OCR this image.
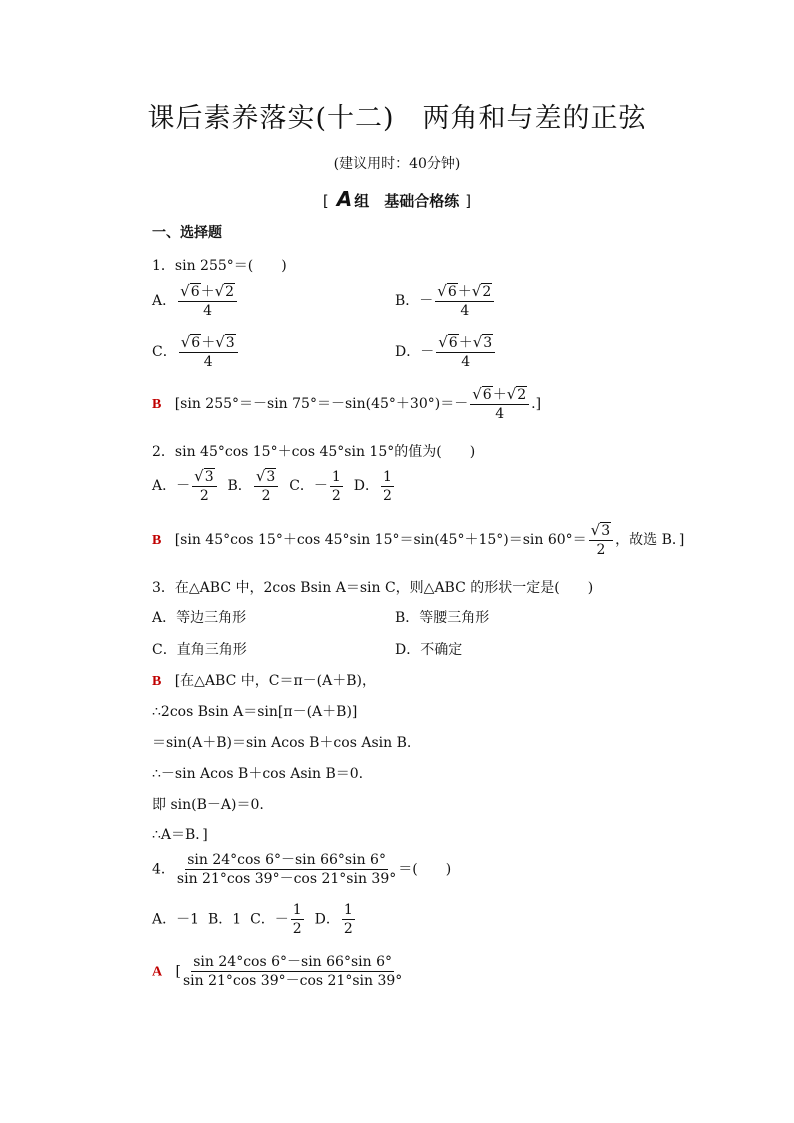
课后素养落实(十二)　两角和与差的正弦
(建议用时：40分钟)
[ A 组　基础合格练 ]
一、选择题
1．sin 255°＝(　　)
A． $\frac{√6+√2}{4}$	B．－ $\frac{√6+√2}{4}$
C． $\frac{√6+√3}{4}$	D．－ $\frac{√6+√3}{4}$
B [sin 255°＝－sin $75^\circ=-\sin(45^\circ+30^\circ)=- \frac{√6+√2}{4}$ .]
2．sin 45°cos 15°＋cos 45°sin 15°的值为(　　)
A．－ $\frac{√3}{2}$ B． $\frac{√3}{2}$ C．－ $\frac{1}{2}$ D． $\frac{1}{2}$
B [sin 45°cos 15°＋cos 45°sin 15°＝sin(45°＋15°)＝sin $60^\circ= \frac{√3}{2}$ ，故选 B．]
3．在△ABC 中，2cos Bsin A＝sin C，则△ABC 的形状一定是(　　)
A．等边三角形	B．等腰三角形
C．直角三角形	D．不确定
B [在△ABC 中，C＝π－(A＋B)，
∴2cos Bsin A＝sin[π－(A＋B)]
＝sin(A＋B)＝sin Acos B＋cos Asin B.
∴－sin Acos B＋cos Asin B＝0.
即 sin(B－A)＝0.
∴A＝B．]
4． $\frac{\sin 24^\circ\cos 6^\circ-\sin 66^\circ\sin 6^\circ}{\sin 21^\circ\cos 39^\circ-\cos 21^\circ\sin 39^\circ}$ ＝(　　)
A．－1 B．1 C．－ $\frac{1}{2}$ D． $\frac{1}{2}$
A [ $\frac{\sin 24^\circ\cos 6^\circ-\sin 66^\circ\sin 6^\circ}{\sin 21^\circ\cos 39^\circ-\cos 21^\circ\sin 39^\circ}$
